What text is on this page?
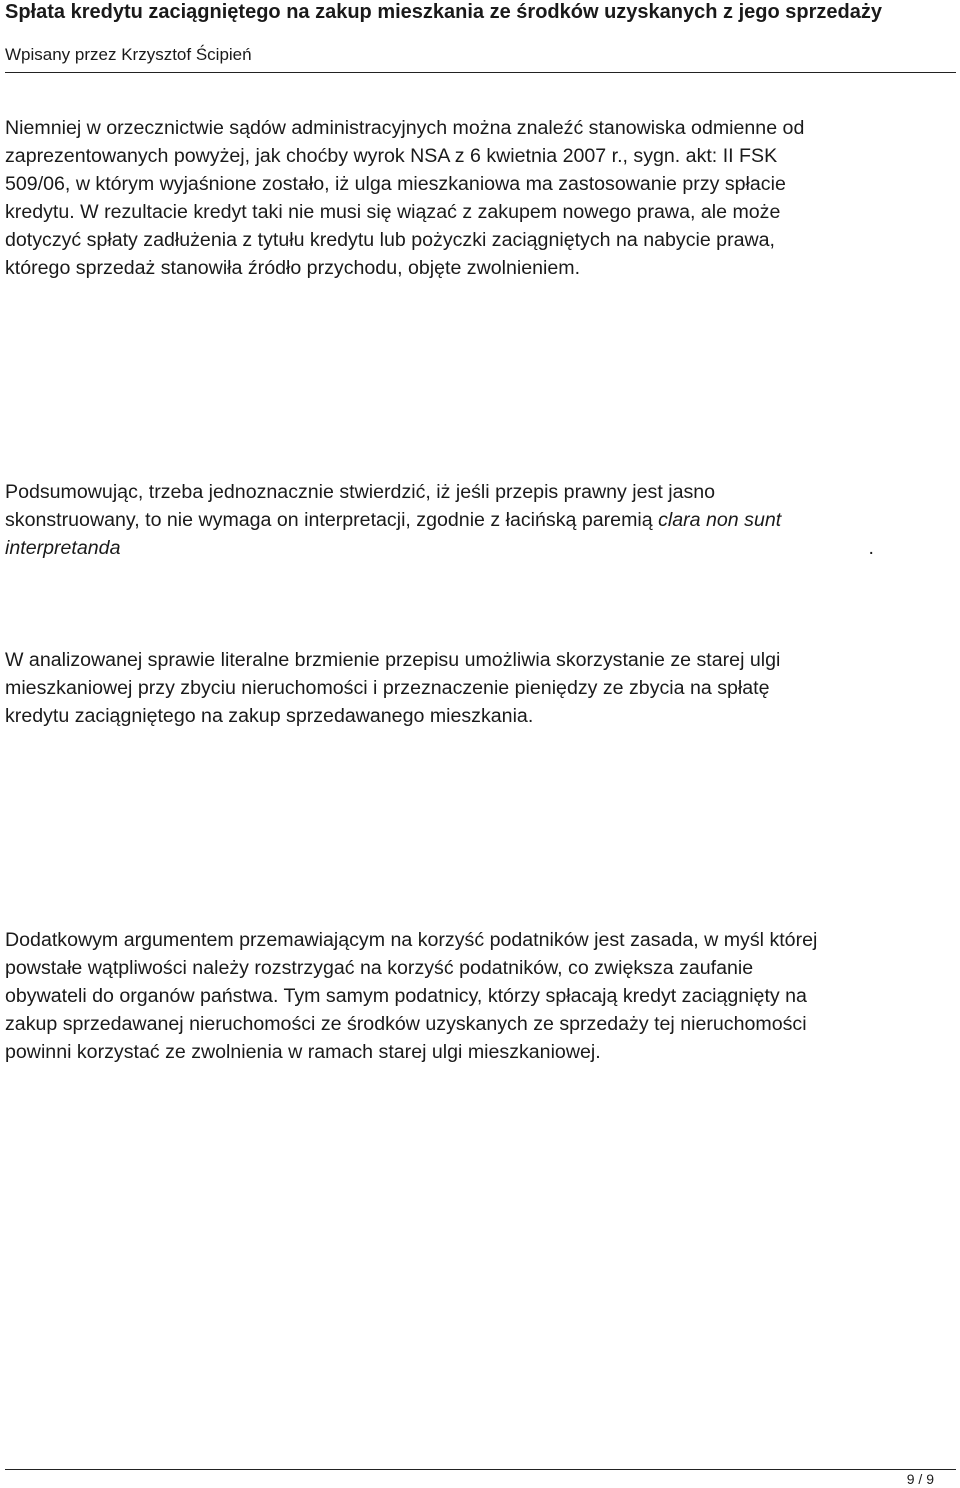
Spłata kredytu zaciągniętego na zakup mieszkania ze środków uzyskanych z jego sprzedaży

Wpisany przez Krzysztof Ścipień

Niemniej w orzecznictwie sądów administracyjnych można znaleźć stanowiska odmienne od
zaprezentowanych powyżej, jak choćby wyrok NSA z 6 kwietnia 2007 r., sygn. akt: II FSK
509/06, w którym wyjaśnione zostało, iż ulga mieszkaniowa ma zastosowanie przy spłacie
kredytu. W rezultacie kredyt taki nie musi się wiązać z zakupem nowego prawa, ale może
dotyczyć spłaty zadłużenia z tytułu kredytu lub pożyczki zaciągniętych na nabycie prawa,
którego sprzedaż stanowiła źródło przychodu, objęte zwolnieniem.

Podsumowując, trzeba jednoznacznie stwierdzić, iż jeśli przepis prawny jest jasno
skonstruowany, to nie wymaga on interpretacji, zgodnie z łacińską paremią clara non sunt
interpretanda	.

W analizowanej sprawie literalne brzmienie przepisu umożliwia skorzystanie ze starej ulgi
mieszkaniowej przy zbyciu nieruchomości i przeznaczenie pieniędzy ze zbycia na spłatę
kredytu zaciągniętego na zakup sprzedawanego mieszkania.

Dodatkowym argumentem przemawiającym na korzyść podatników jest zasada, w myśl której
powstałe wątpliwości należy rozstrzygać na korzyść podatników, co zwiększa zaufanie
obywateli do organów państwa. Tym samym podatnicy, którzy spłacają kredyt zaciągnięty na
zakup sprzedawanej nieruchomości ze środków uzyskanych ze sprzedaży tej nieruchomości
powinni korzystać ze zwolnienia w ramach starej ulgi mieszkaniowej.

9 / 9
